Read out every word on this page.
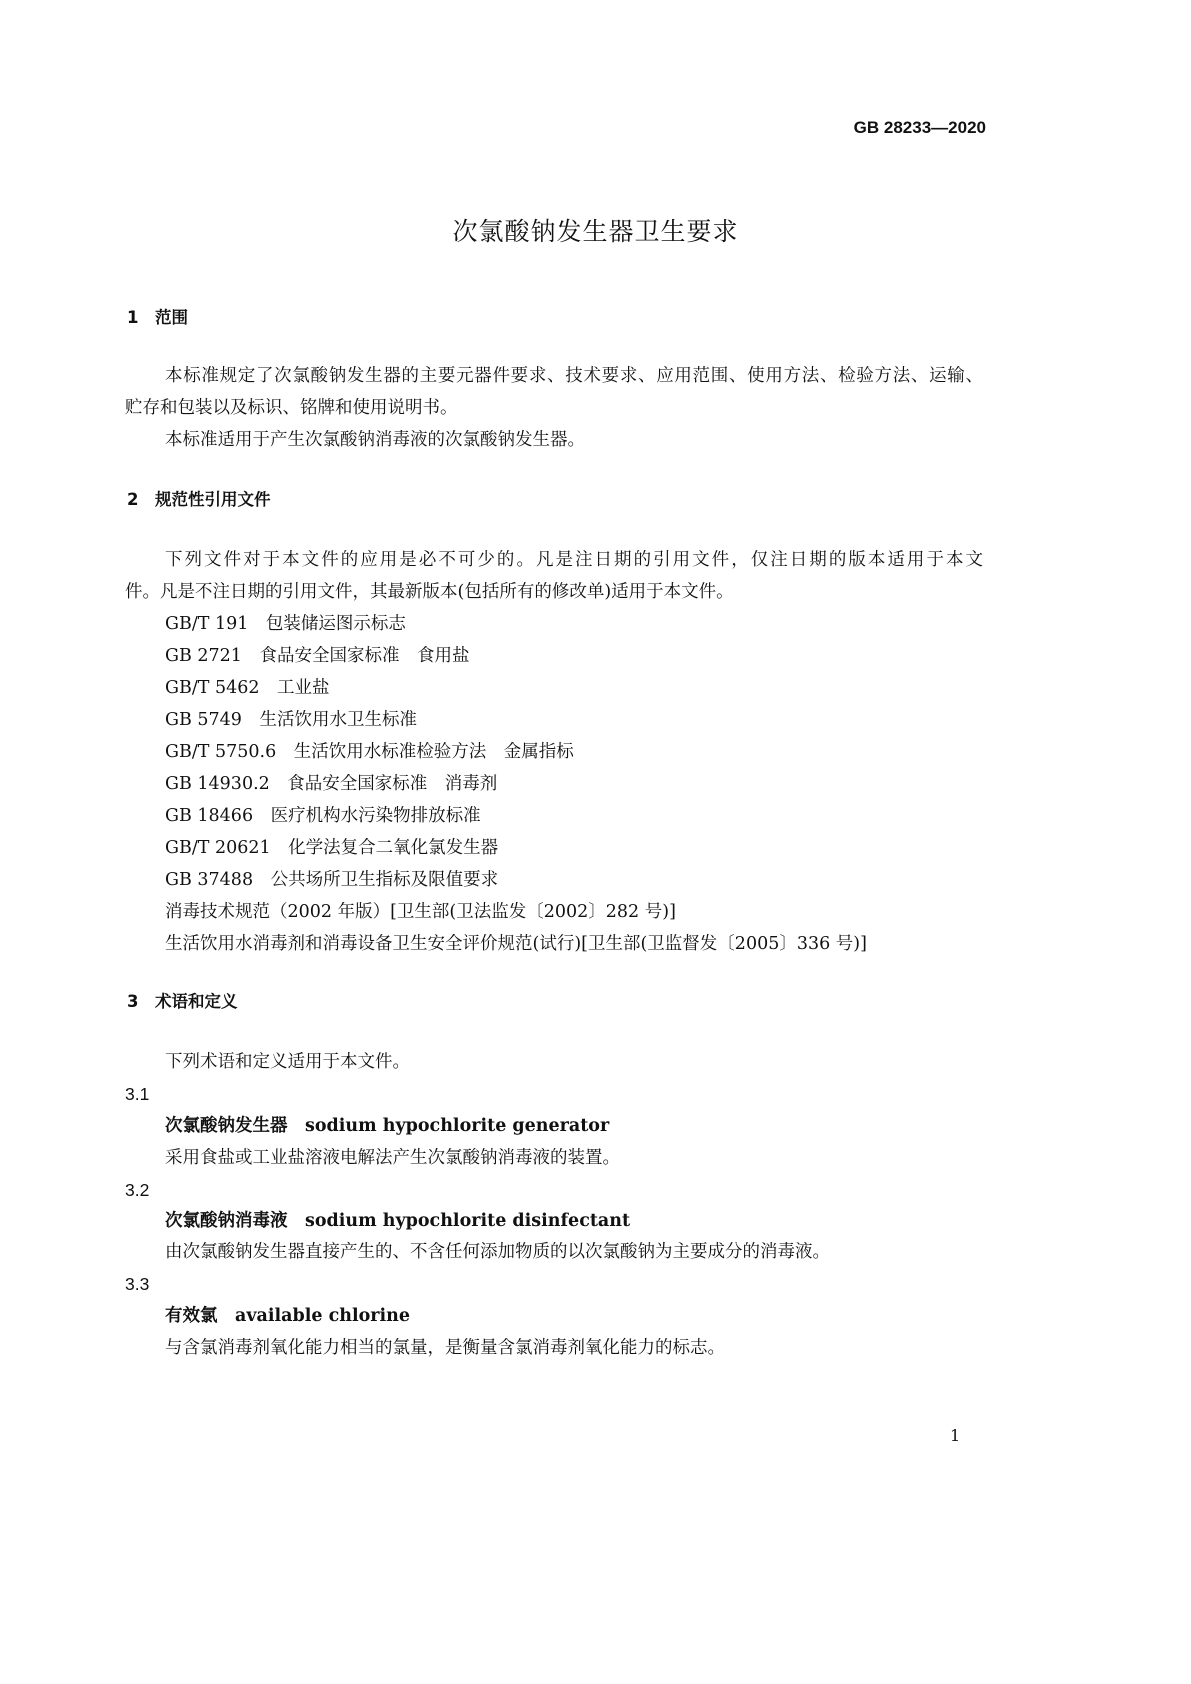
GB 28233—2020
次氯酸钠发生器卫生要求
1　范围
本标准规定了次氯酸钠发生器的主要元器件要求、技术要求、应用范围、使用方法、检验方法、运输、
贮存和包装以及标识、铭牌和使用说明书。
本标准适用于产生次氯酸钠消毒液的次氯酸钠发生器。
2　规范性引用文件
下列文件对于本文件的应用是必不可少的。凡是注日期的引用文件，仅注日期的版本适用于本文
件。凡是不注日期的引用文件，其最新版本(包括所有的修改单)适用于本文件。
GB/T 191　包装储运图示标志
GB 2721　食品安全国家标准　食用盐
GB/T 5462　工业盐
GB 5749　生活饮用水卫生标准
GB/T 5750.6　生活饮用水标准检验方法　金属指标
GB 14930.2　食品安全国家标准　消毒剂
GB 18466　医疗机构水污染物排放标准
GB/T 20621　化学法复合二氧化氯发生器
GB 37488　公共场所卫生指标及限值要求
消毒技术规范（2002 年版）[卫生部(卫法监发〔2002〕282 号)]
生活饮用水消毒剂和消毒设备卫生安全评价规范(试行)[卫生部(卫监督发〔2005〕336 号)]
3　术语和定义
下列术语和定义适用于本文件。
3.1
次氯酸钠发生器　sodium hypochlorite generator
采用食盐或工业盐溶液电解法产生次氯酸钠消毒液的装置。
3.2
次氯酸钠消毒液　sodium hypochlorite disinfectant
由次氯酸钠发生器直接产生的、不含任何添加物质的以次氯酸钠为主要成分的消毒液。
3.3
有效氯　available chlorine
与含氯消毒剂氧化能力相当的氯量，是衡量含氯消毒剂氧化能力的标志。
1
